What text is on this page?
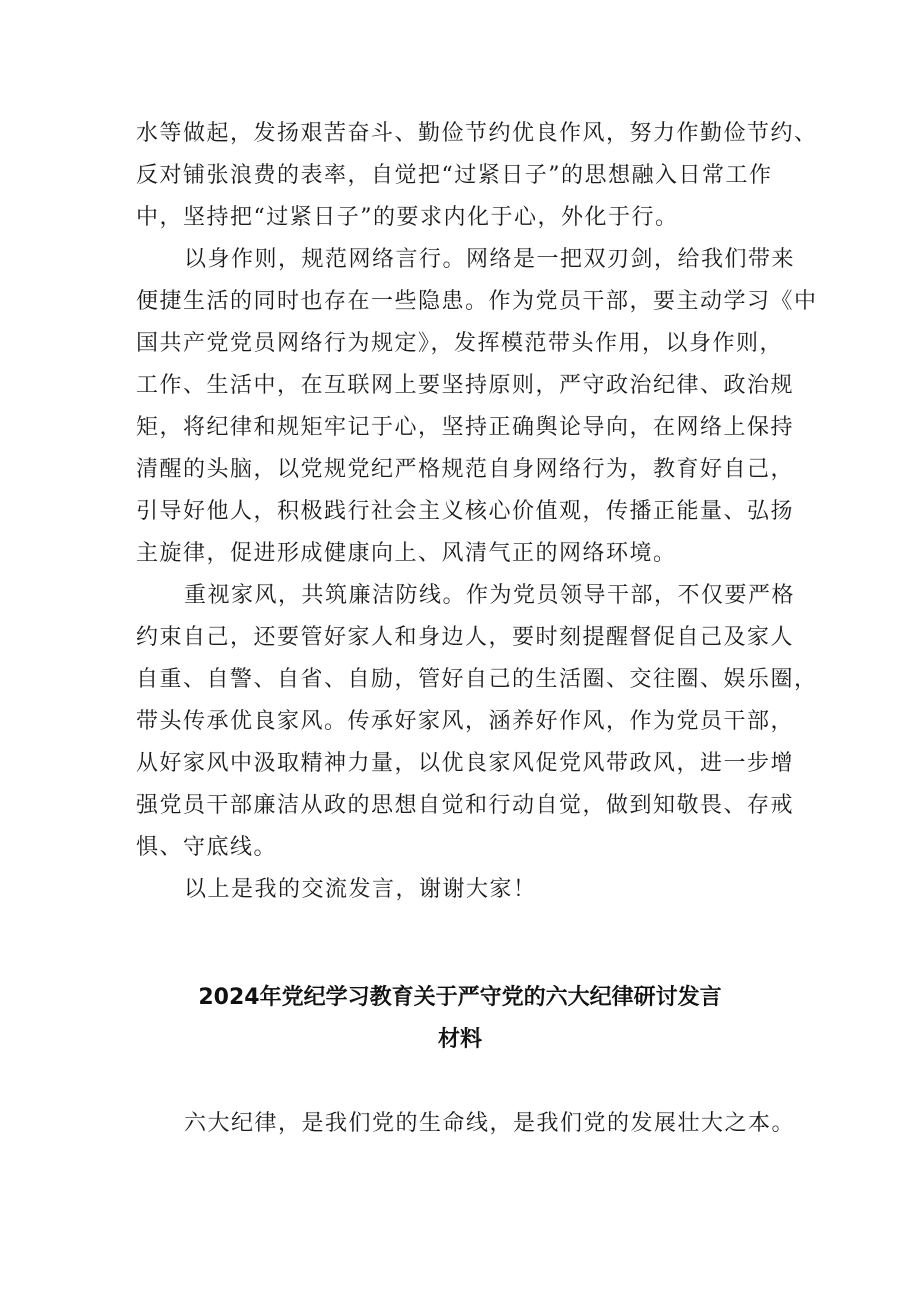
水等做起，发扬艰苦奋斗、勤俭节约优良作风，努力作勤俭节约、
反对铺张浪费的表率，自觉把“过紧日子”的思想融入日常工作
中，坚持把“过紧日子”的要求内化于心，外化于行。
以身作则，规范网络言行。网络是一把双刃剑，给我们带来
便捷生活的同时也存在一些隐患。作为党员干部，要主动学习《中
国共产党党员网络行为规定》，发挥模范带头作用，以身作则，
工作、生活中，在互联网上要坚持原则，严守政治纪律、政治规
矩，将纪律和规矩牢记于心，坚持正确舆论导向，在网络上保持
清醒的头脑，以党规党纪严格规范自身网络行为，教育好自己，
引导好他人，积极践行社会主义核心价值观，传播正能量、弘扬
主旋律，促进形成健康向上、风清气正的网络环境。
重视家风，共筑廉洁防线。作为党员领导干部，不仅要严格
约束自己，还要管好家人和身边人，要时刻提醒督促自己及家人
自重、自警、自省、自励，管好自己的生活圈、交往圈、娱乐圈，
带头传承优良家风。传承好家风，涵养好作风，作为党员干部，
从好家风中汲取精神力量，以优良家风促党风带政风，进一步增
强党员干部廉洁从政的思想自觉和行动自觉，做到知敬畏、存戒
惧、守底线。
以上是我的交流发言，谢谢大家！
2024年党纪学习教育关于严守党的六大纪律研讨发言
材料
六大纪律，是我们党的生命线，是我们党的发展壮大之本。
